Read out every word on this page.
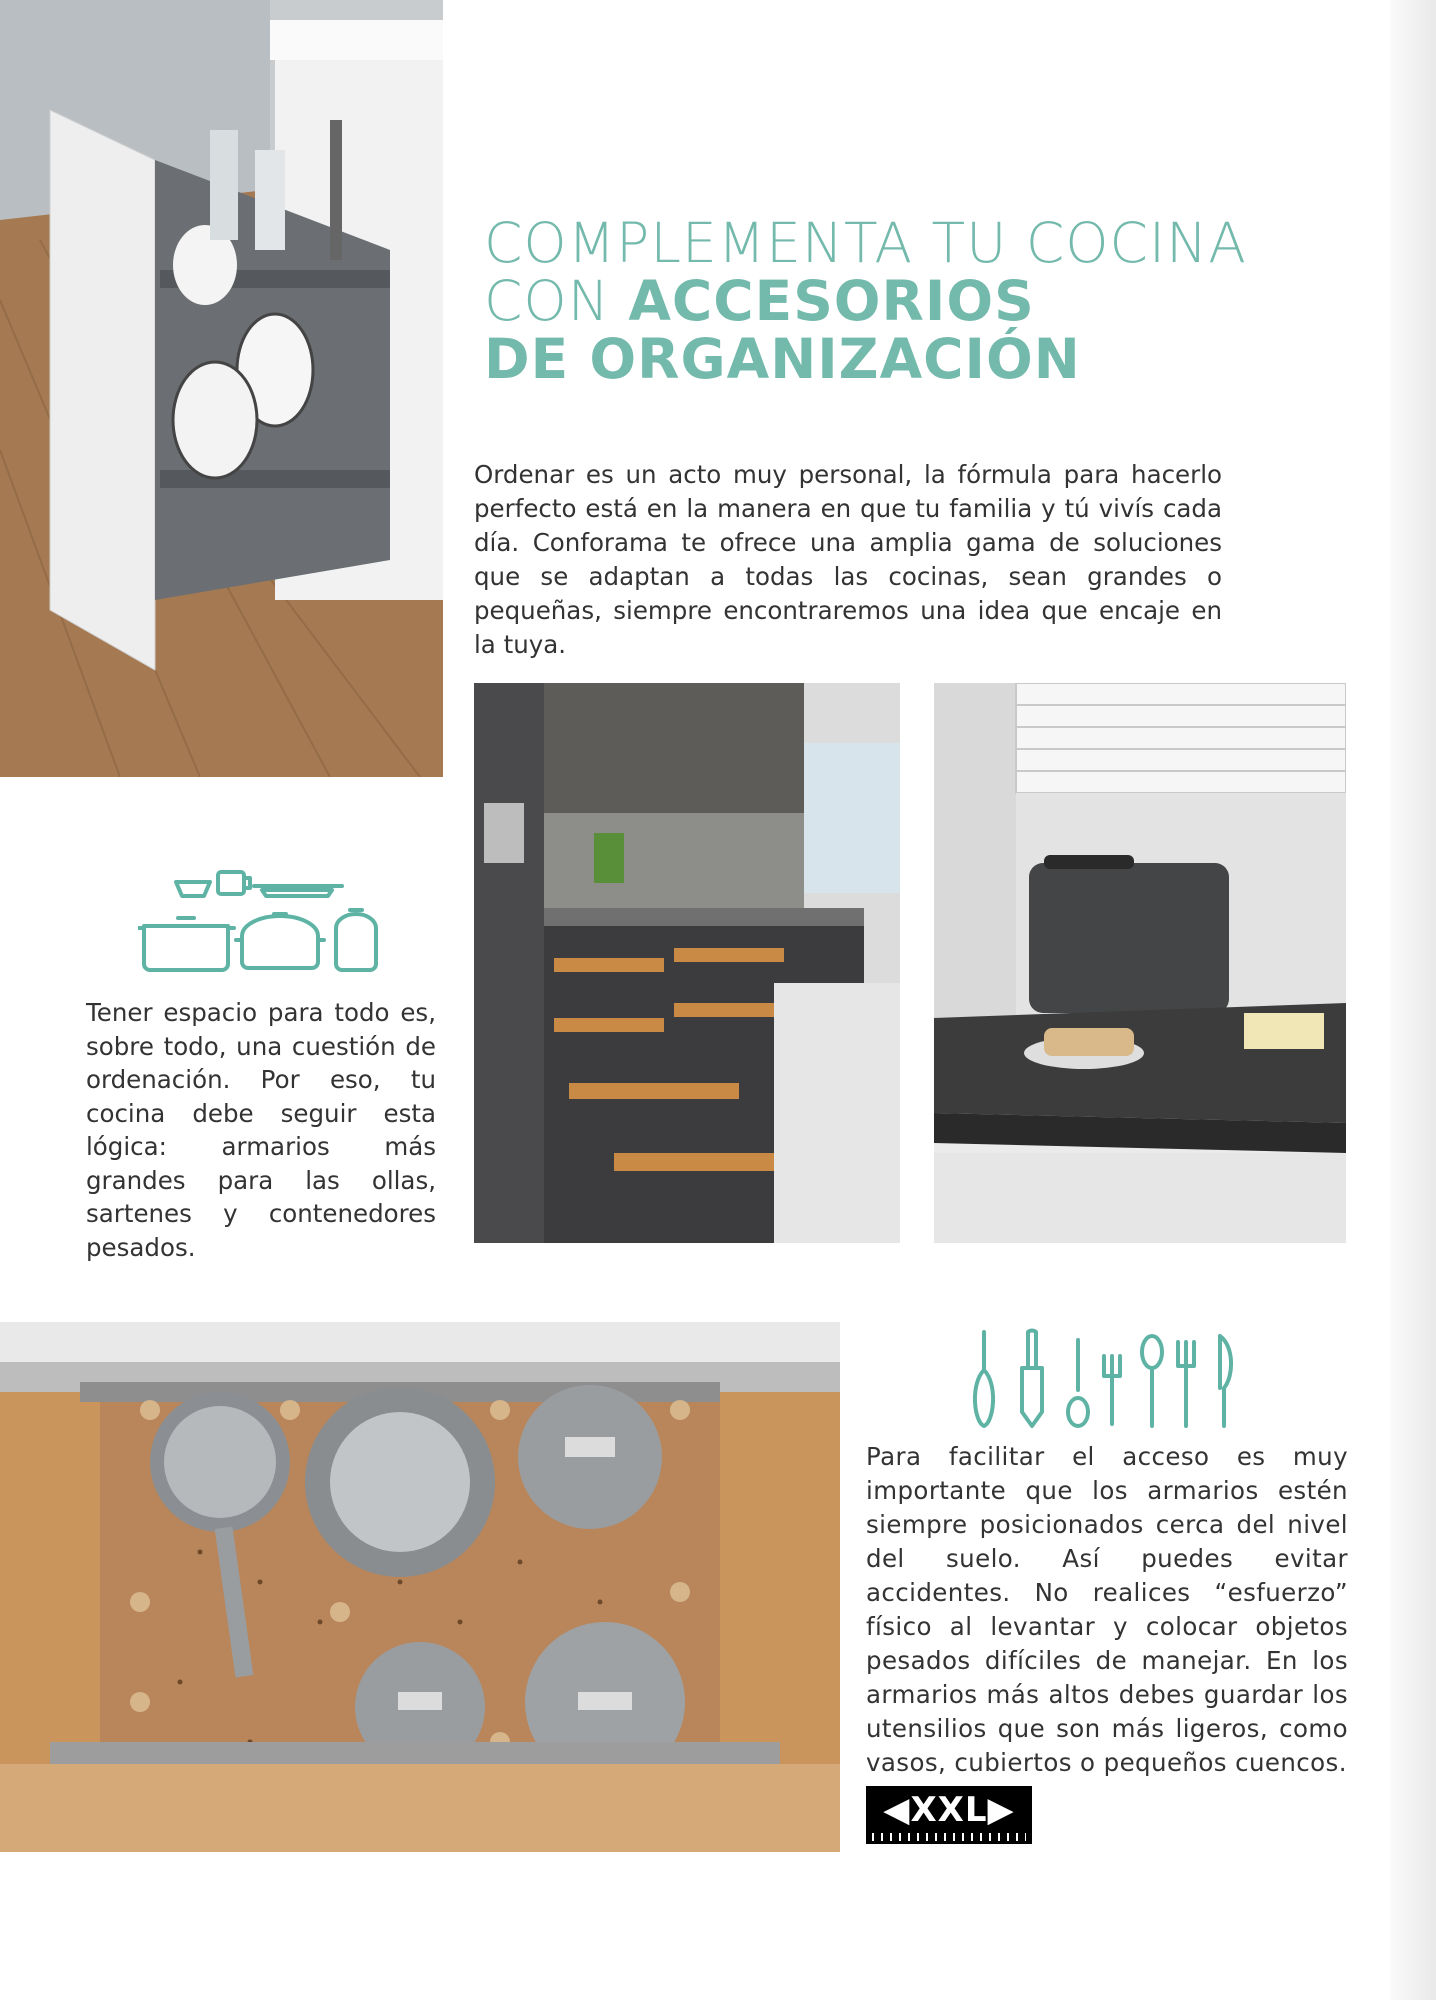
COMPLEMENTA TU COCINA
CON ACCESORIOS
DE ORGANIZACIÓN
Ordenar es un acto muy personal, la fórmula para hacerlo perfecto está en la manera en que tu familia y tú vivís cada día. Conforama te ofrece una amplia gama de soluciones que se adaptan a todas las cocinas, sean grandes o pequeñas, siempre encontraremos una idea que encaje en la tuya.
Tener espacio para todo es, sobre todo, una cuestión de ordenación. Por eso, tu cocina debe seguir esta lógica: armarios más grandes para las ollas, sartenes y contenedores pesados.
Para facilitar el acceso es muy importante que los armarios estén siempre posicionados cerca del nivel del suelo. Así puedes evitar accidentes. No realices “esfuerzo” físico al levantar y colocar objetos pesados difíciles de manejar. En los armarios más altos debes guardar los utensilios que son más ligeros, como vasos, cubiertos o pequeños cuencos.
◀XXL▶
